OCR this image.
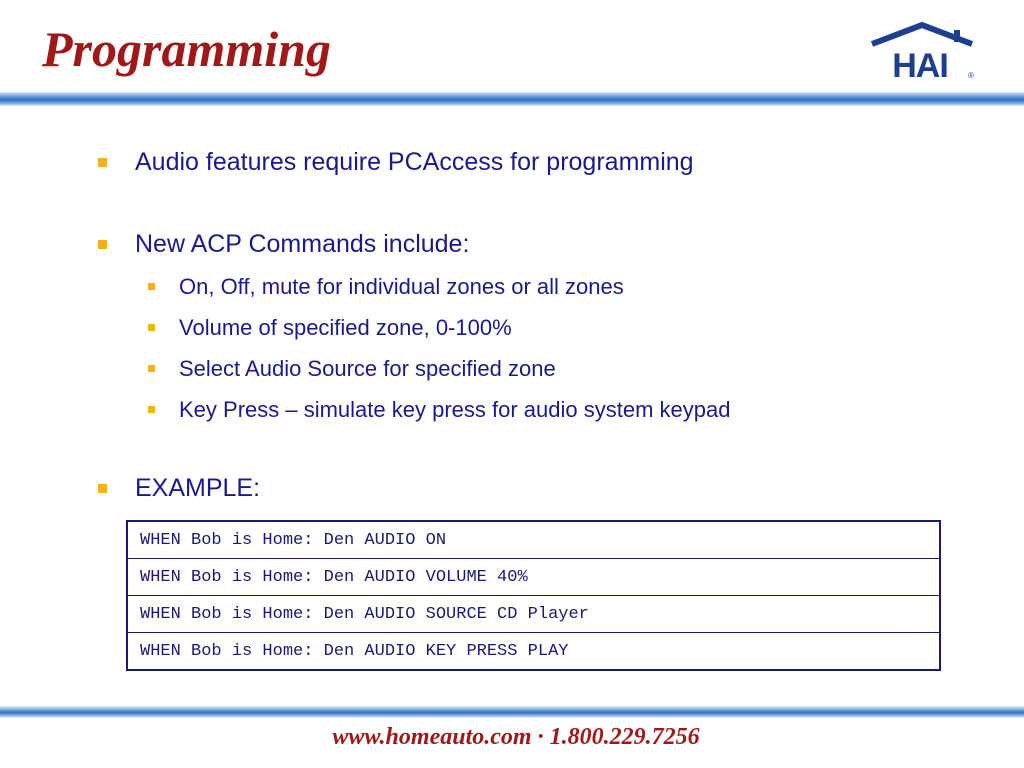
Programming	HAI	®
Audio features require PCAccess for programming
New ACP Commands include:
On, Off, mute for individual zones or all zones
Volume of specified zone, 0-100%
Select Audio Source for specified zone
Key Press – simulate key press for audio system keypad
EXAMPLE:
WHEN Bob is Home: Den AUDIO ON
WHEN Bob is Home: Den AUDIO VOLUME 40%
WHEN Bob is Home: Den AUDIO SOURCE CD Player
WHEN Bob is Home: Den AUDIO KEY PRESS PLAY
www.homeauto.com · 1.800.229.7256
